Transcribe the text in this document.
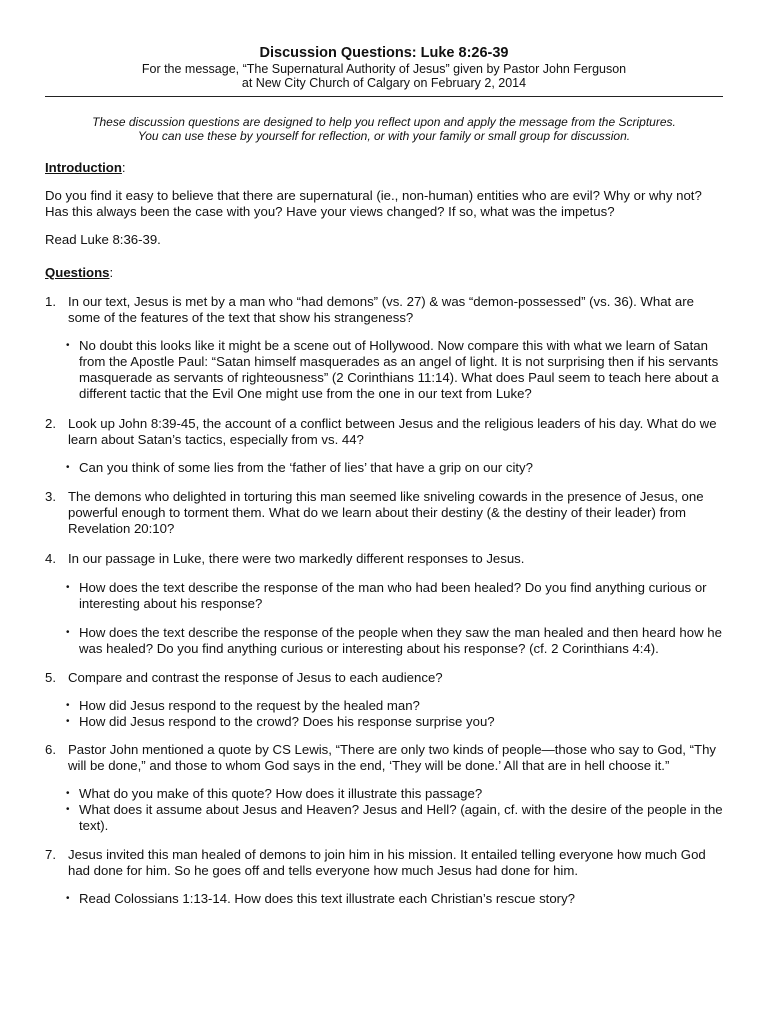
Discussion Questions: Luke 8:26-39
For the message, “The Supernatural Authority of Jesus” given by Pastor John Ferguson
at New City Church of Calgary on February 2, 2014
These discussion questions are designed to help you reflect upon and apply the message from the Scriptures.
You can use these by yourself for reflection, or with your family or small group for discussion.
Introduction:

Do you find it easy to believe that there are supernatural (ie., non-human) entities who are evil? Why or why not? Has this always been the case with you? Have your views changed? If so, what was the impetus?

Read Luke 8:36-39.

Questions:
1. In our text, Jesus is met by a man who “had demons” (vs. 27) & was “demon-possessed” (vs. 36). What are some of the features of the text that show his strangeness?
• No doubt this looks like it might be a scene out of Hollywood. Now compare this with what we learn of Satan from the Apostle Paul: “Satan himself masquerades as an angel of light. It is not surprising then if his servants masquerade as servants of righteousness” (2 Corinthians 11:14). What does Paul seem to teach here about a different tactic that the Evil One might use from the one in our text from Luke?
2. Look up John 8:39-45, the account of a conflict between Jesus and the religious leaders of his day. What do we learn about Satan’s tactics, especially from vs. 44?
• Can you think of some lies from the ‘father of lies’ that have a grip on our city?
3. The demons who delighted in torturing this man seemed like sniveling cowards in the presence of Jesus, one powerful enough to torment them. What do we learn about their destiny (& the destiny of their leader) from Revelation 20:10?
4. In our passage in Luke, there were two markedly different responses to Jesus.
• How does the text describe the response of the man who had been healed? Do you find anything curious or interesting about his response?
• How does the text describe the response of the people when they saw the man healed and then heard how he was healed? Do you find anything curious or interesting about his response? (cf. 2 Corinthians 4:4).
5. Compare and contrast the response of Jesus to each audience?
• How did Jesus respond to the request by the healed man?
• How did Jesus respond to the crowd? Does his response surprise you?
6. Pastor John mentioned a quote by CS Lewis, “There are only two kinds of people—those who say to God, “Thy will be done,” and those to whom God says in the end, ‘They will be done.’ All that are in hell choose it.”
• What do you make of this quote? How does it illustrate this passage?
• What does it assume about Jesus and Heaven? Jesus and Hell? (again, cf. with the desire of the people in the text).
7. Jesus invited this man healed of demons to join him in his mission. It entailed telling everyone how much God had done for him. So he goes off and tells everyone how much Jesus had done for him.
• Read Colossians 1:13-14. How does this text illustrate each Christian’s rescue story?
